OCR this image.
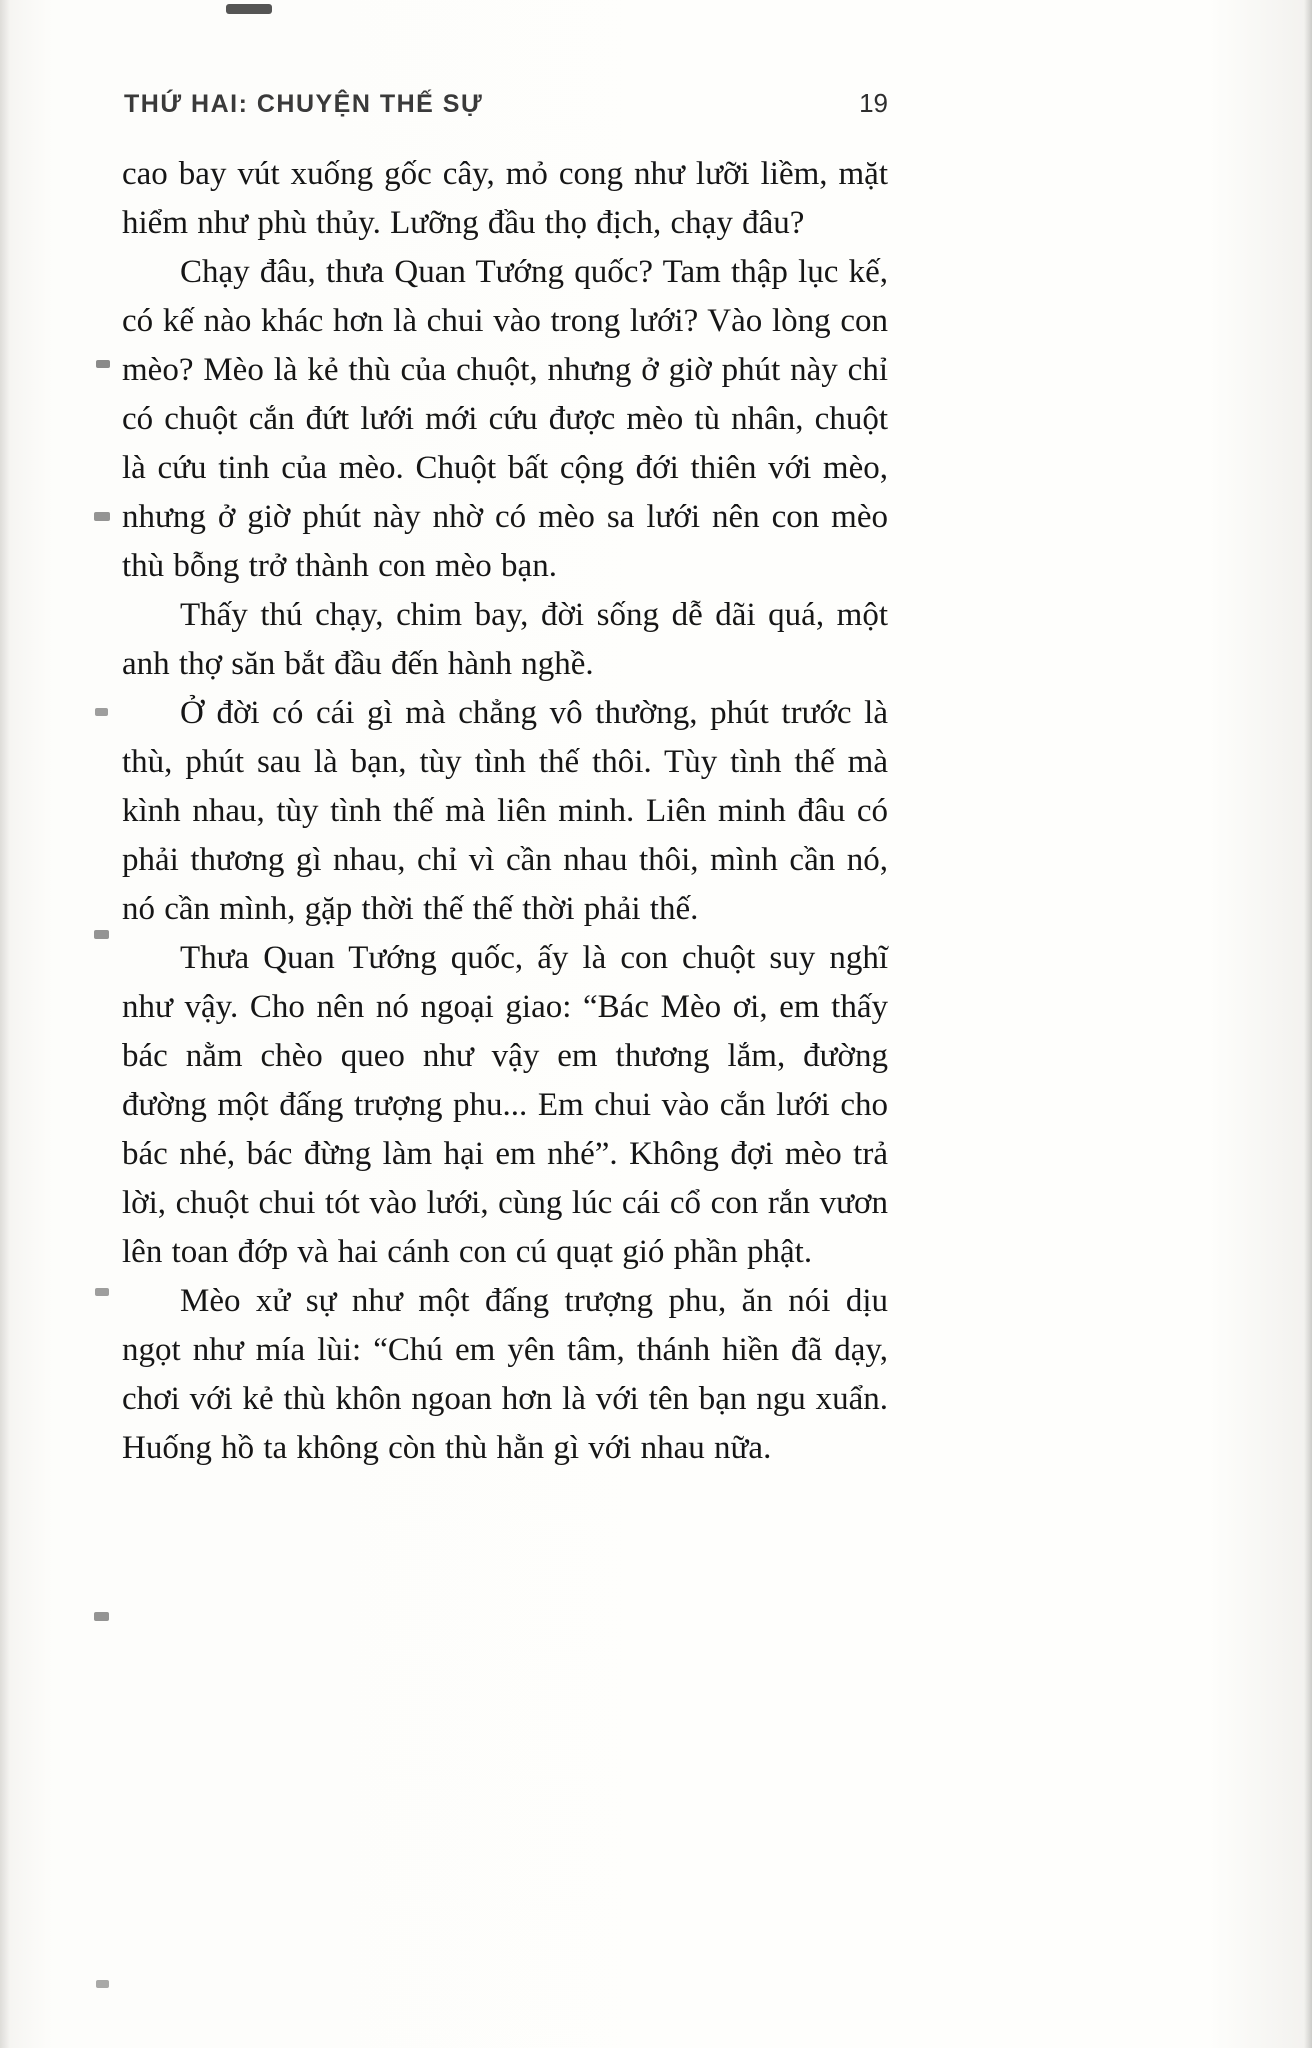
THỨ HAI: CHUYỆN THẾ SỰ	19

cao bay vút xuống gốc cây, mỏ cong như lưỡi liềm, mặt hiểm như phù thủy. Lưỡng đầu thọ địch, chạy đâu?

Chạy đâu, thưa Quan Tướng quốc? Tam thập lục kế, có kế nào khác hơn là chui vào trong lưới? Vào lòng con mèo? Mèo là kẻ thù của chuột, nhưng ở giờ phút này chỉ có chuột cắn đứt lưới mới cứu được mèo tù nhân, chuột là cứu tinh của mèo. Chuột bất cộng đới thiên với mèo, nhưng ở giờ phút này nhờ có mèo sa lưới nên con mèo thù bỗng trở thành con mèo bạn.

Thấy thú chạy, chim bay, đời sống dễ dãi quá, một anh thợ săn bắt đầu đến hành nghề.

Ở đời có cái gì mà chẳng vô thường, phút trước là thù, phút sau là bạn, tùy tình thế thôi. Tùy tình thế mà kình nhau, tùy tình thế mà liên minh. Liên minh đâu có phải thương gì nhau, chỉ vì cần nhau thôi, mình cần nó, nó cần mình, gặp thời thế thế thời phải thế.

Thưa Quan Tướng quốc, ấy là con chuột suy nghĩ như vậy. Cho nên nó ngoại giao: “Bác Mèo ơi, em thấy bác nằm chèo queo như vậy em thương lắm, đường đường một đấng trượng phu... Em chui vào cắn lưới cho bác nhé, bác đừng làm hại em nhé”. Không đợi mèo trả lời, chuột chui tót vào lưới, cùng lúc cái cổ con rắn vươn lên toan đớp và hai cánh con cú quạt gió phần phật.

Mèo xử sự như một đấng trượng phu, ăn nói dịu ngọt như mía lùi: “Chú em yên tâm, thánh hiền đã dạy, chơi với kẻ thù khôn ngoan hơn là với tên bạn ngu xuẩn. Huống hồ ta không còn thù hằn gì với nhau nữa.
